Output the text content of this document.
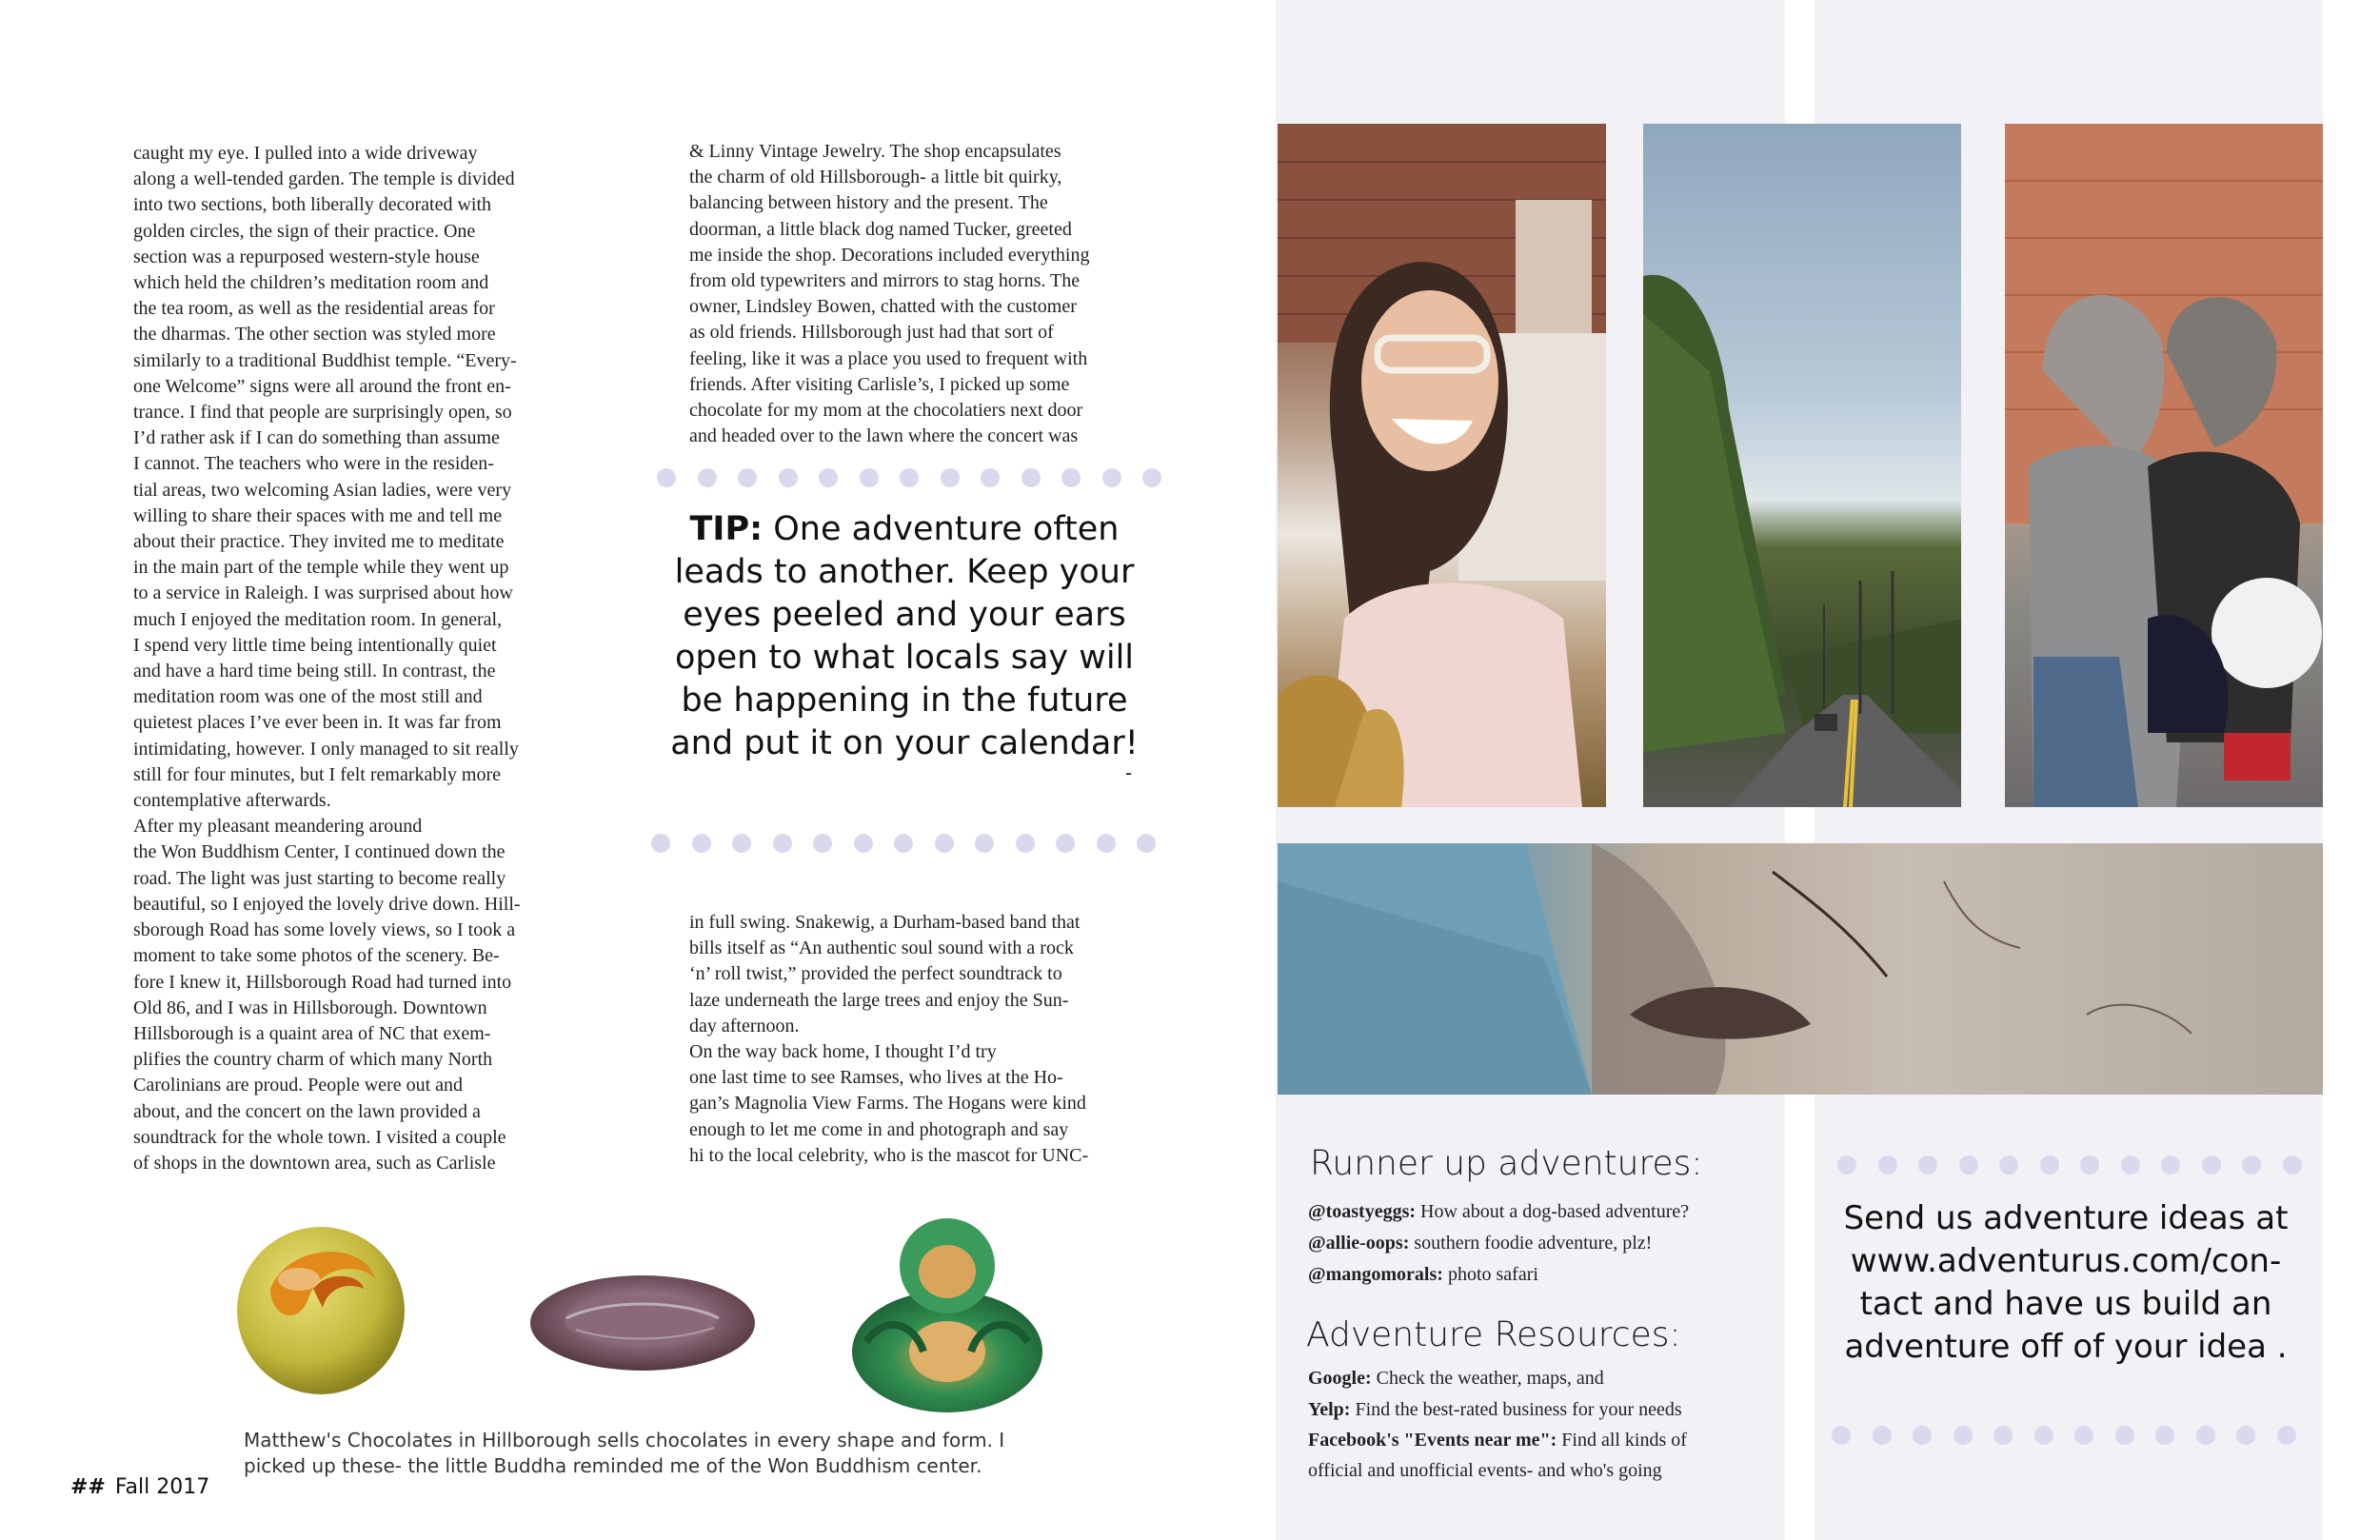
caught my eye. I pulled into a wide driveway
along a well-tended garden. The temple is divided
into two sections, both liberally decorated with
golden circles, the sign of their practice. One
section was a repurposed western-style house
which held the children’s meditation room and
the tea room, as well as the residential areas for
the dharmas. The other section was styled more
similarly to a traditional Buddhist temple. “Every-
one Welcome” signs were all around the front en-
trance. I find that people are surprisingly open, so
I’d rather ask if I can do something than assume
I cannot. The teachers who were in the residen-
tial areas, two welcoming Asian ladies, were very
willing to share their spaces with me and tell me
about their practice. They invited me to meditate
in the main part of the temple while they went up
to a service in Raleigh. I was surprised about how
much I enjoyed the meditation room. In general,
I spend very little time being intentionally quiet
and have a hard time being still. In contrast, the
meditation room was one of the most still and
quietest places I’ve ever been in. It was far from
intimidating, however. I only managed to sit really
still for four minutes, but I felt remarkably more
contemplative afterwards.
After my pleasant meandering around
the Won Buddhism Center, I continued down the
road. The light was just starting to become really
beautiful, so I enjoyed the lovely drive down. Hill-
sborough Road has some lovely views, so I took a
moment to take some photos of the scenery. Be-
fore I knew it, Hillsborough Road had turned into
Old 86, and I was in Hillsborough. Downtown
Hillsborough is a quaint area of NC that exem-
plifies the country charm of which many North
Carolinians are proud. People were out and
about, and the concert on the lawn provided a
soundtrack for the whole town. I visited a couple
of shops in the downtown area, such as Carlisle
& Linny Vintage Jewelry. The shop encapsulates
the charm of old Hillsborough- a little bit quirky,
balancing between history and the present. The
doorman, a little black dog named Tucker, greeted
me inside the shop. Decorations included everything
from old typewriters and mirrors to stag horns. The
owner, Lindsley Bowen, chatted with the customer
as old friends. Hillsborough just had that sort of
feeling, like it was a place you used to frequent with
friends. After visiting Carlisle’s, I picked up some
chocolate for my mom at the chocolatiers next door
and headed over to the lawn where the concert was
TIP: One adventure often leads to another. Keep your eyes peeled and your ears open to what locals say will be happening in the future and put it on your calendar!
-
in full swing. Snakewig, a Durham-based band that
bills itself as “An authentic soul sound with a rock
‘n’ roll twist,” provided the perfect soundtrack to
laze underneath the large trees and enjoy the Sun-
day afternoon.
On the way back home, I thought I’d try
one last time to see Ramses, who lives at the Ho-
gan’s Magnolia View Farms. The Hogans were kind
enough to let me come in and photograph and say
hi to the local celebrity, who is the mascot for UNC-
Matthew's Chocolates in Hillborough sells chocolates in every shape and form. I picked up these- the little Buddha reminded me of the Won Buddhism center.
## Fall 2017
Runner up adventures:
@toastyeggs: How about a dog-based adventure?
@allie-oops: southern foodie adventure, plz!
@mangomorals: photo safari
Adventure Resources:
Google: Check the weather, maps, and
Yelp: Find the best-rated business for your needs
Facebook's "Events near me": Find all kinds of
official and unofficial events- and who's going
Send us adventure ideas at www.adventurus.com/con-tact and have us build an adventure off of your idea .
